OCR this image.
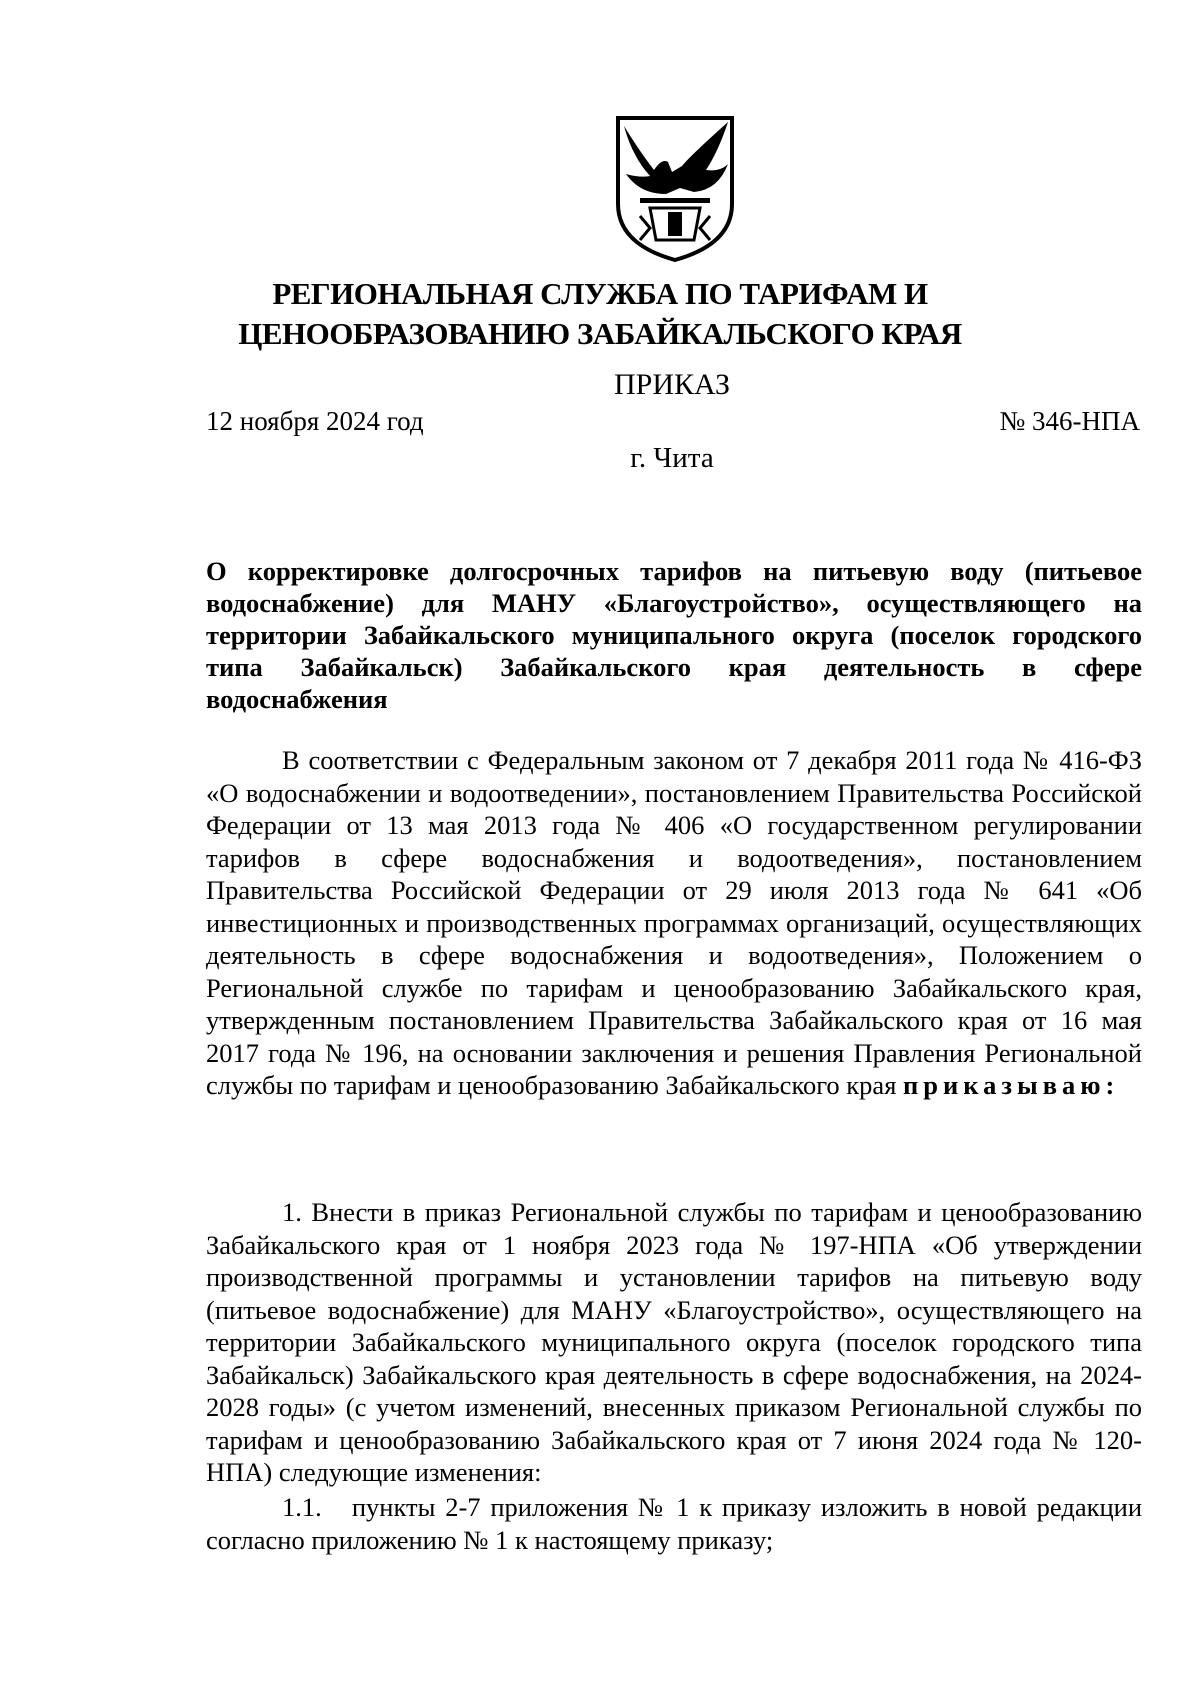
РЕГИОНАЛЬНАЯ СЛУЖБА ПО ТАРИФАМ И
ЦЕНООБРАЗОВАНИЮ ЗАБАЙКАЛЬСКОГО КРАЯ
ПРИКАЗ
12 ноября 2024 год	№ 346-НПА
г. Чита
О корректировке долгосрочных тарифов на питьевую воду (питьевое водоснабжение) для МАНУ «Благоустройство», осуществляющего на территории Забайкальского муниципального округа (поселок городского типа Забайкальск) Забайкальского края деятельность в сфере водоснабжения

В соответствии с Федеральным законом от 7 декабря 2011 года № 416-ФЗ «О водоснабжении и водоотведении», постановлением Правительства Российской Федерации от 13 мая 2013 года № 406 «О государственном регулировании тарифов в сфере водоснабжения и водоотведения», постановлением Правительства Российской Федерации от 29 июля 2013 года № 641 «Об инвестиционных и производственных программах организаций, осуществляющих деятельность в сфере водоснабжения и водоотведения», Положением о Региональной службе по тарифам и ценообразованию Забайкальского края, утвержденным постановлением Правительства Забайкальского края от 16 мая 2017 года № 196, на основании заключения и решения Правления Региональной службы по тарифам и ценообразованию Забайкальского края приказываю:

1. Внести в приказ Региональной службы по тарифам и ценообразованию Забайкальского края от 1 ноября 2023 года № 197-НПА «Об утверждении производственной программы и установлении тарифов на питьевую воду (питьевое водоснабжение) для МАНУ «Благоустройство», осуществляющего на территории Забайкальского муниципального округа (поселок городского типа Забайкальск) Забайкальского края деятельность в сфере водоснабжения, на 2024-2028 годы» (с учетом изменений, внесенных приказом Региональной службы по тарифам и ценообразованию Забайкальского края от 7 июня 2024 года № 120-НПА) следующие изменения:

1.1. пункты 2-7 приложения № 1 к приказу изложить в новой редакции согласно приложению № 1 к настоящему приказу;
